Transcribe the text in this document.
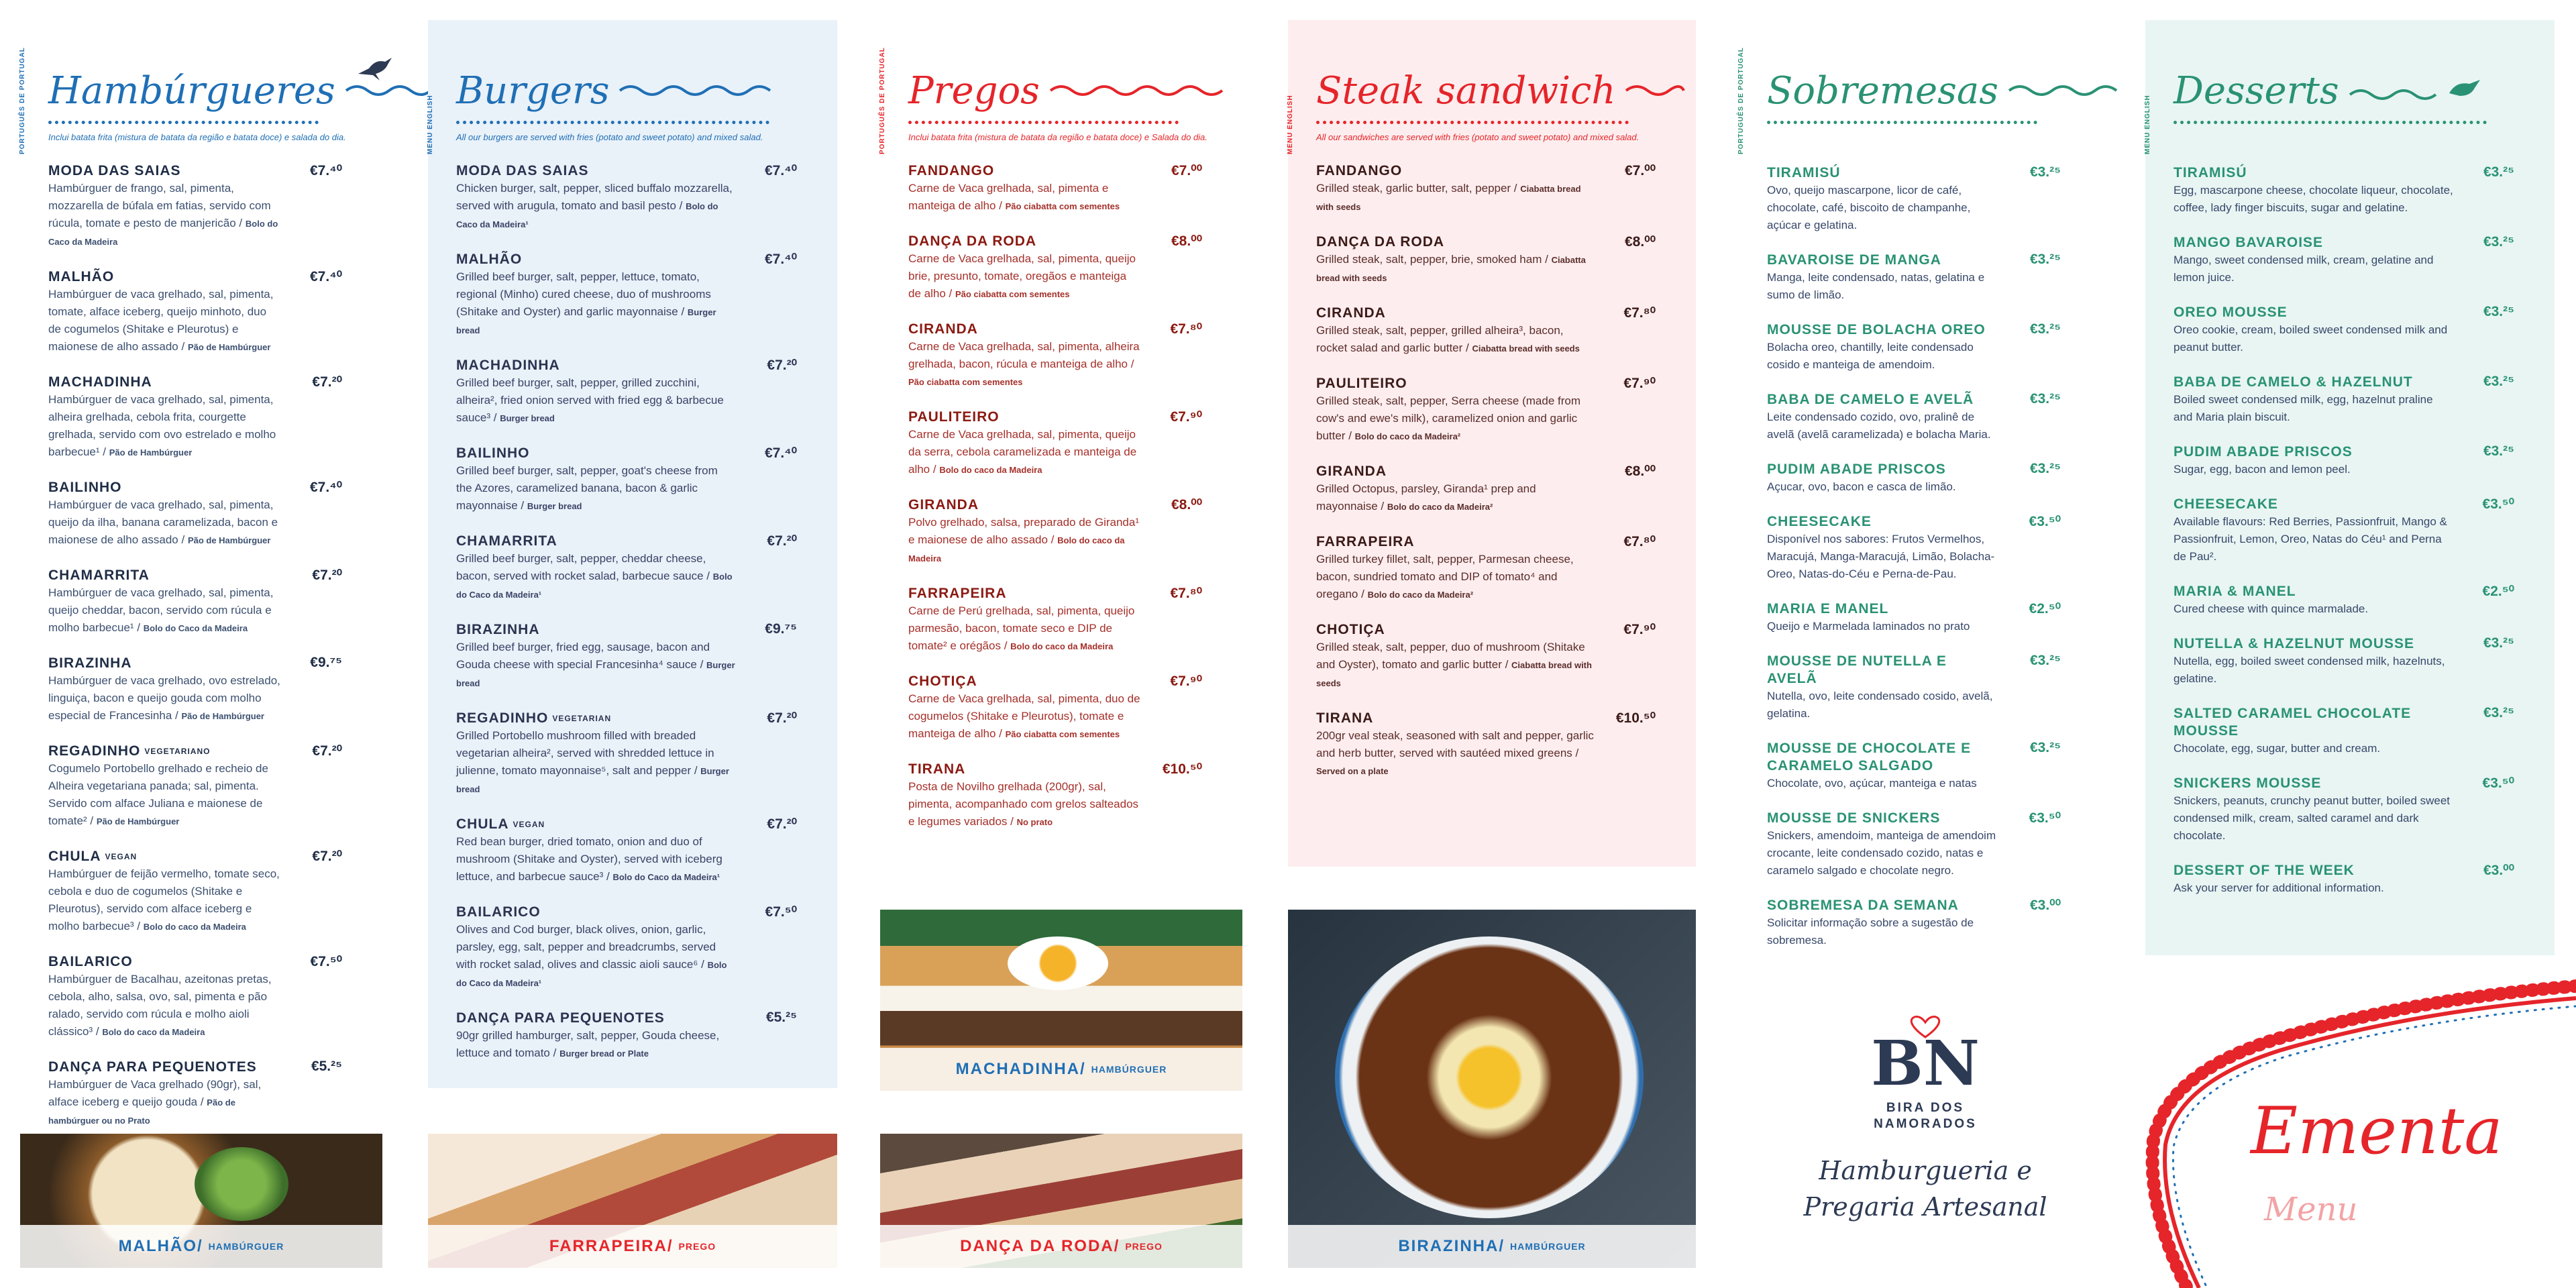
PORTUGUÊS DE PORTUGAL Hambúrgueres
Inclui batata frita (mistura de batata da região e batata doce) e salada do dia.
MODA DAS SAIAS	€7.⁴⁰
Hambúrguer de frango, sal, pimenta, mozzarella de búfala em fatias, servido com rúcula, tomate e pesto de manjericão / Bolo do Caco da Madeira
MALHÃO	€7.⁴⁰
Hambúrguer de vaca grelhado, sal, pimenta, tomate, alface iceberg, queijo minhoto, duo de cogumelos (Shitake e Pleurotus) e maionese de alho assado / Pão de Hambúrguer
MACHADINHA	€7.²⁰
Hambúrguer de vaca grelhado, sal, pimenta, alheira grelhada, cebola frita, courgette grelhada, servido com ovo estrelado e molho barbecue¹ / Pão de Hambúrguer
BAILINHO	€7.⁴⁰
Hambúrguer de vaca grelhado, sal, pimenta, queijo da ilha, banana caramelizada, bacon e maionese de alho assado / Pão de Hambúrguer
CHAMARRITA	€7.²⁰
Hambúrguer de vaca grelhado, sal, pimenta, queijo cheddar, bacon, servido com rúcula e molho barbecue¹ / Bolo do Caco da Madeira
BIRAZINHA	€9.⁷⁵
Hambúrguer de vaca grelhado, ovo estrelado, linguiça, bacon e queijo gouda com molho especial de Francesinha / Pão de Hambúrguer
REGADINHO $^{VEGETARIANO}$	€7.²⁰
Cogumelo Portobello grelhado e recheio de Alheira vegetariana panada; sal, pimenta. Servido com alface Juliana e maionese de tomate² / Pão de Hambúrguer
CHULA $^{VEGAN}$	€7.²⁰
Hambúrguer de feijão vermelho, tomate seco, cebola e duo de cogumelos (Shitake e Pleurotus), servido com alface iceberg e molho barbecue³ / Bolo do caco da Madeira
BAILARICO	€7.⁵⁰
Hambúrguer de Bacalhau, azeitonas pretas, cebola, alho, salsa, ovo, sal, pimenta e pão ralado, servido com rúcula e molho aioli clássico³ / Bolo do caco da Madeira
DANÇA PARA PEQUENOTES	€5.²⁵
Hambúrguer de Vaca grelhado (90gr), sal, alface iceberg e queijo gouda / Pão de hambúrguer ou no Prato
MENU ENGLISH
Burgers
All our burgers are served with fries (potato and sweet potato) and mixed salad.
MODA DAS SAIAS	€7.⁴⁰
Chicken burger, salt, pepper, sliced buffalo mozzarella, served with arugula, tomato and basil pesto / Bolo do Caco da Madeira¹
MALHÃO	€7.⁴⁰
Grilled beef burger, salt, pepper, lettuce, tomato, regional (Minho) cured cheese, duo of mushrooms (Shitake and Oyster) and garlic mayonnaise / Burger bread
MACHADINHA	€7.²⁰
Grilled beef burger, salt, pepper, grilled zucchini, alheira², fried onion served with fried egg & barbecue sauce³ / Burger bread
BAILINHO	€7.⁴⁰
Grilled beef burger, salt, pepper, goat's cheese from the Azores, caramelized banana, bacon & garlic mayonnaise / Burger bread
CHAMARRITA	€7.²⁰
Grilled beef burger, salt, pepper, cheddar cheese, bacon, served with rocket salad, barbecue sauce / Bolo do Caco da Madeira¹
BIRAZINHA	€9.⁷⁵
Grilled beef burger, fried egg, sausage, bacon and Gouda cheese with special Francesinha⁴ sauce / Burger bread
REGADINHO $^{VEGETARIAN}$	€7.²⁰
Grilled Portobello mushroom filled with breaded vegetarian alheira², served with shredded lettuce in julienne, tomato mayonnaise⁵, salt and pepper / Burger bread
CHULA $^{VEGAN}$	€7.²⁰
Red bean burger, dried tomato, onion and duo of mushroom (Shitake and Oyster), served with iceberg lettuce, and barbecue sauce³ / Bolo do Caco da Madeira¹
BAILARICO	€7.⁵⁰
Olives and Cod burger, black olives, onion, garlic, parsley, egg, salt, pepper and breadcrumbs, served with rocket salad, olives and classic aioli sauce⁶ / Bolo do Caco da Madeira¹
DANÇA PARA PEQUENOTES	€5.²⁵
90gr grilled hamburger, salt, pepper, Gouda cheese, lettuce and tomato / Burger bread or Plate
PORTUGUÊS DE PORTUGAL Pregos
Inclui batata frita (mistura de batata da região e batata doce) e Salada do dia.
FANDANGO	€7.⁰⁰
Carne de Vaca grelhada, sal, pimenta e manteiga de alho / Pão ciabatta com sementes
DANÇA DA RODA	€8.⁰⁰
Carne de Vaca grelhada, sal, pimenta, queijo brie, presunto, tomate, oregãos e manteiga de alho / Pão ciabatta com sementes
CIRANDA	€7.⁸⁰
Carne de Vaca grelhada, sal, pimenta, alheira grelhada, bacon, rúcula e manteiga de alho / Pão ciabatta com sementes
PAULITEIRO	€7.⁹⁰
Carne de Vaca grelhada, sal, pimenta, queijo da serra, cebola caramelizada e manteiga de alho / Bolo do caco da Madeira
GIRANDA	€8.⁰⁰
Polvo grelhado, salsa, preparado de Giranda¹ e maionese de alho assado / Bolo do caco da Madeira
FARRAPEIRA	€7.⁸⁰
Carne de Perú grelhada, sal, pimenta, queijo parmesão, bacon, tomate seco e DIP de tomate² e orégãos / Bolo do caco da Madeira
CHOTIÇA	€7.⁹⁰
Carne de Vaca grelhada, sal, pimenta, duo de cogumelos (Shitake e Pleurotus), tomate e manteiga de alho / Pão ciabatta com sementes
TIRANA	€10.⁵⁰
Posta de Novilho grelhada (200gr), sal, pimenta, acompanhado com grelos salteados e legumes variados / No prato
MENU ENGLISH
Steak sandwich
All our sandwiches are served with fries (potato and sweet potato) and mixed salad.
FANDANGO	€7.⁰⁰
Grilled steak, garlic butter, salt, pepper / Ciabatta bread with seeds
DANÇA DA RODA	€8.⁰⁰
Grilled steak, salt, pepper, brie, smoked ham / Ciabatta bread with seeds
CIRANDA	€7.⁸⁰
Grilled steak, salt, pepper, grilled alheira³, bacon, rocket salad and garlic butter / Ciabatta bread with seeds
PAULITEIRO	€7.⁹⁰
Grilled steak, salt, pepper, Serra cheese (made from cow's and ewe's milk), caramelized onion and garlic butter / Bolo do caco da Madeira²
GIRANDA	€8.⁰⁰
Grilled Octopus, parsley, Giranda¹ prep and mayonnaise / Bolo do caco da Madeira²
FARRAPEIRA	€7.⁸⁰
Grilled turkey fillet, salt, pepper, Parmesan cheese, bacon, sundried tomato and DIP of tomato⁴ and oregano / Bolo do caco da Madeira²
CHOTIÇA	€7.⁹⁰
Grilled steak, salt, pepper, duo of mushroom (Shitake and Oyster), tomato and garlic butter / Ciabatta bread with seeds
TIRANA	€10.⁵⁰
200gr veal steak, seasoned with salt and pepper, garlic and herb butter, served with sautéed mixed greens / Served on a plate
PORTUGUÊS DE PORTUGAL Sobremesas
TIRAMISÚ	€3.²⁵
Ovo, queijo mascarpone, licor de café, chocolate, café, biscoito de champanhe, açúcar e gelatina.
BAVAROISE DE MANGA	€3.²⁵
Manga, leite condensado, natas, gelatina e sumo de limão.
MOUSSE DE BOLACHA OREO	€3.²⁵
Bolacha oreo, chantilly, leite condensado cosido e manteiga de amendoim.
BABA DE CAMELO E AVELÃ	€3.²⁵
Leite condensado cozido, ovo, pralinê de avelã (avelã caramelizada) e bolacha Maria.
PUDIM ABADE PRISCOS	€3.²⁵
Açucar, ovo, bacon e casca de limão.
CHEESECAKE	€3.⁵⁰
Disponível nos sabores: Frutos Vermelhos, Maracujá, Manga-Maracujá, Limão, Bolacha-Oreo, Natas-do-Céu e Perna-de-Pau.
MARIA E MANEL	€2.⁵⁰
Queijo e Marmelada laminados no prato
MOUSSE DE NUTELLA E AVELÃ
€3.²⁵
Nutella, ovo, leite condensado cosido, avelã, gelatina.
MOUSSE DE CHOCOLATE E CARAMELO SALGADO
€3.²⁵
Chocolate, ovo, açúcar, manteiga e natas
MOUSSE DE SNICKERS	€3.⁵⁰
Snickers, amendoim, manteiga de amendoim crocante, leite condensado cozido, natas e caramelo salgado e chocolate negro.
SOBREMESA DA SEMANA	€3.⁰⁰
Solicitar informação sobre a sugestão de sobremesa.
MENU ENGLISH
Desserts
TIRAMISÚ	€3.²⁵
Egg, mascarpone cheese, chocolate liqueur, chocolate, coffee, lady finger biscuits, sugar and gelatine.
MANGO BAVAROISE	€3.²⁵
Mango, sweet condensed milk, cream, gelatine and lemon juice.
OREO MOUSSE	€3.²⁵
Oreo cookie, cream, boiled sweet condensed milk and peanut butter.
BABA DE CAMELO & HAZELNUT	€3.²⁵
Boiled sweet condensed milk, egg, hazelnut praline and Maria plain biscuit.
PUDIM ABADE PRISCOS	€3.²⁵
Sugar, egg, bacon and lemon peel.
CHEESECAKE	€3.⁵⁰
Available flavours: Red Berries, Passionfruit, Mango & Passionfruit, Lemon, Oreo, Natas do Céu¹ and Perna de Pau².
MARIA & MANEL	€2.⁵⁰
Cured cheese with quince marmalade.
NUTELLA & HAZELNUT MOUSSE	€3.²⁵
Nutella, egg, boiled sweet condensed milk, hazelnuts, gelatine.
SALTED CARAMEL CHOCOLATE MOUSSE
€3.²⁵
Chocolate, egg, sugar, butter and cream.
SNICKERS MOUSSE	€3.⁵⁰
Snickers, peanuts, crunchy peanut butter, boiled sweet condensed milk, cream, salted caramel and dark chocolate.
DESSERT OF THE WEEK	€3.⁰⁰
Ask your server for additional information.
MALHÃO/ HAMBÚRGUER	FARRAPEIRA/ PREGO
MACHADINHA/ HAMBÚRGUER
DANÇA DA RODA/ PREGO	BIRAZINHA/ HAMBÚRGUER
BN
BIRA DOS
NAMORADOS
Hamburgueria e
Pregaria Artesanal
Ementa
Menu
